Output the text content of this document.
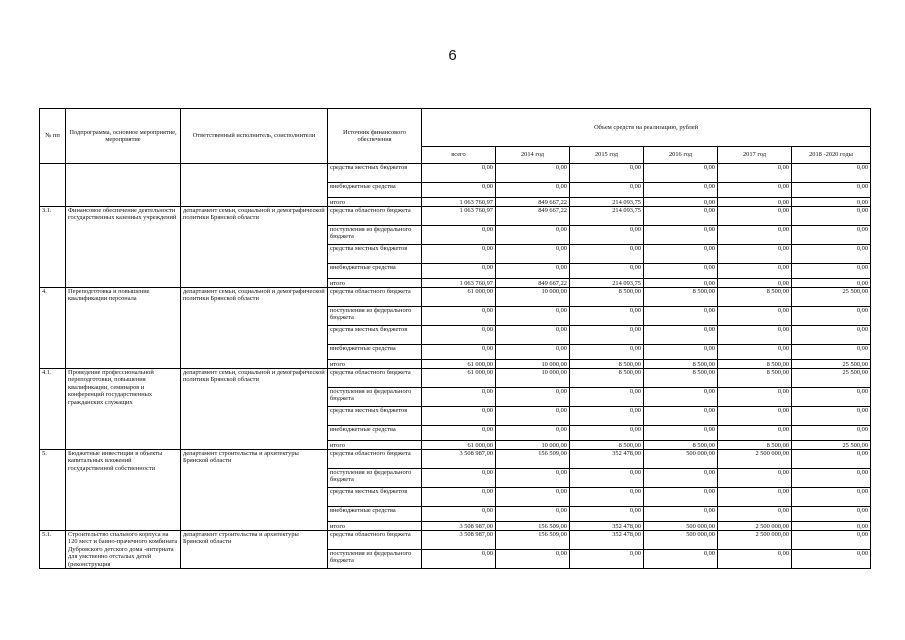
6
№ пп	Подпрограмма, основное мероприятие, мероприятие	Ответственный исполнитель, соисполнители	Источник финансового обеспечения	Объем средств на реализацию, рублей					
				всего	2014 год	2015 год	2016 год	2017 год	2018 -2020 годы
			средства местных бюджетов	0,00	0,00	0,00	0,00	0,00	0,00
			внебюджетные средства	0,00	0,00	0,00	0,00	0,00	0,00
			итого	1 063 760,97	849 667,22	214 093,75	0,00	0,00	0,00
3.1.	Финансовое обеспечение деятельности государственных казенных учреждений	департамент семьи, социальной и демографической политики Брянской области	средства областного бюджета	1 063 760,97	849 667,22	214 093,75	0,00	0,00	0,00
			поступления из федерального бюджета	0,00	0,00	0,00	0,00	0,00	0,00
			средства местных бюджетов	0,00	0,00	0,00	0,00	0,00	0,00
			внебюджетные средства	0,00	0,00	0,00	0,00	0,00	0,00
			итого	1 063 760,97	849 667,22	214 093,75	0,00	0,00	0,00
4.	Переподготовка и повышение квалификации персонала	департамент семьи, социальной и демографической политики Брянской области	средства областного бюджета	61 000,00	10 000,00	8 500,00	8 500,00	8 500,00	25 500,00
			поступления из федерального бюджета	0,00	0,00	0,00	0,00	0,00	0,00
			средства местных бюджетов	0,00	0,00	0,00	0,00	0,00	0,00
			внебюджетные средства	0,00	0,00	0,00	0,00	0,00	0,00
			итого	61 000,00	10 000,00	8 500,00	8 500,00	8 500,00	25 500,00
4.1.	Проведение профессиональной переподготовки, повышения квалификации, семинаров и конференций государственных гражданских служащих	департамент семьи, социальной и демографической политики Брянской области	средства областного бюджета	61 000,00	10 000,00	8 500,00	8 500,00	8 500,00	25 500,00
			поступления из федерального бюджета	0,00	0,00	0,00	0,00	0,00	0,00
			средства местных бюджетов	0,00	0,00	0,00	0,00	0,00	0,00
			внебюджетные средства	0,00	0,00	0,00	0,00	0,00	0,00
			итого	61 000,00	10 000,00	8 500,00	8 500,00	8 500,00	25 500,00
5.	Бюджетные инвестиции в объекты капитальных вложений государственной собственности	департамент строительства и архитектуры Брянской области	средства областного бюджета	3 508 987,00	156 509,00	352 478,00	500 000,00	2 500 000,00	0,00
			поступления из федерального бюджета	0,00	0,00	0,00	0,00	0,00	0,00
			средства местных бюджетов	0,00	0,00	0,00	0,00	0,00	0,00
			внебюджетные средства	0,00	0,00	0,00	0,00	0,00	0,00
			итого	3 508 987,00	156 509,00	352 478,00	500 000,00	2 500 000,00	0,00
5.1.	Строительство спального корпуса на 120 мест и банно-прачечного комбината Дубровского детского дома -интерната для умственно отсталых детей (реконструкция	департамент строительства и архитектуры Брянской области	средства областного бюджета	3 508 987,00	156 509,00	352 478,00	500 000,00	2 500 000,00	0,00
			поступления из федерального бюджета	0,00	0,00	0,00	0,00	0,00	0,00
